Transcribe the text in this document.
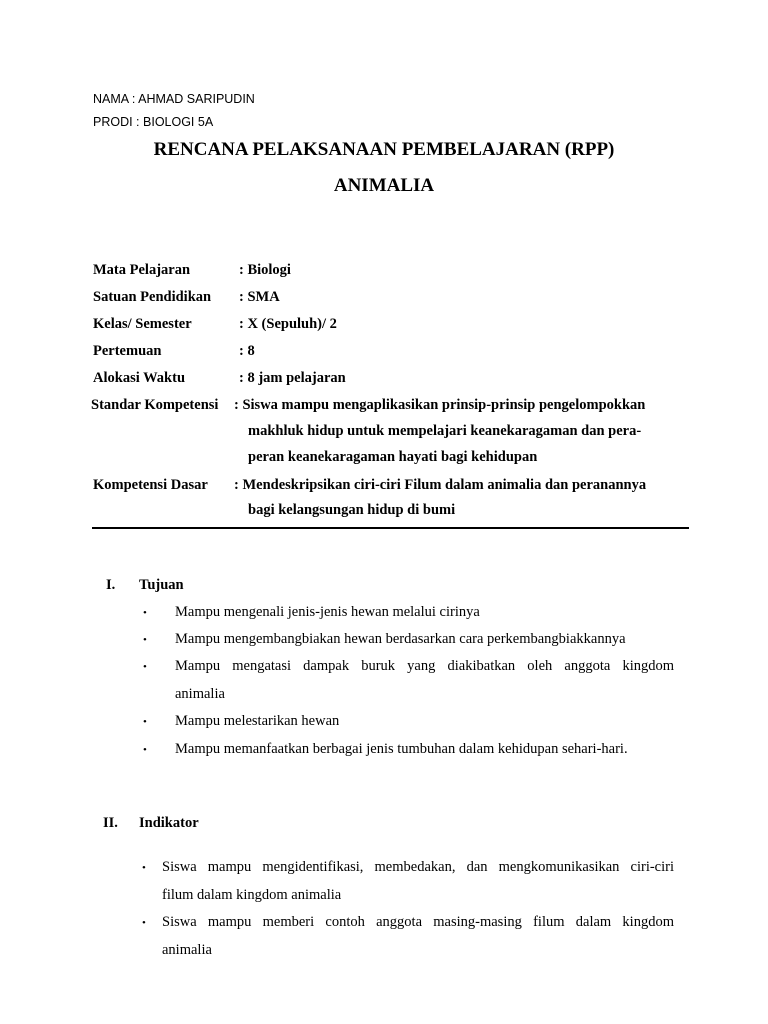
NAMA : AHMAD SARIPUDIN
PRODI : BIOLOGI 5A
RENCANA PELAKSANAAN PEMBELAJARAN (RPP)
ANIMALIA
Mata Pelajaran	: Biologi
Satuan Pendidikan : SMA
Kelas/ Semester	: X (Sepuluh)/ 2
Pertemuan	: 8
Alokasi Waktu	: 8 jam pelajaran
Standar Kompetensi : Siswa mampu mengaplikasikan prinsip-prinsip pengelompokkan
makhluk hidup untuk mempelajari keanekaragaman dan pera-
peran keanekaragaman hayati bagi kehidupan
Kompetensi Dasar : Mendeskripsikan ciri-ciri Filum dalam animalia dan peranannya
bagi kelangsungan hidup di bumi
I. Tujuan
• Mampu mengenali jenis-jenis hewan melalui cirinya
• Mampu mengembangbiakan hewan berdasarkan cara perkembangbiakkannya
• Mampu mengatasi dampak buruk yang diakibatkan oleh anggota kingdom
animalia
• Mampu melestarikan hewan
• Mampu memanfaatkan berbagai jenis tumbuhan dalam kehidupan sehari-hari.
II. Indikator
• Siswa mampu mengidentifikasi, membedakan, dan mengkomunikasikan ciri-ciri
filum dalam kingdom animalia
• Siswa mampu memberi contoh anggota masing-masing filum dalam kingdom
animalia
